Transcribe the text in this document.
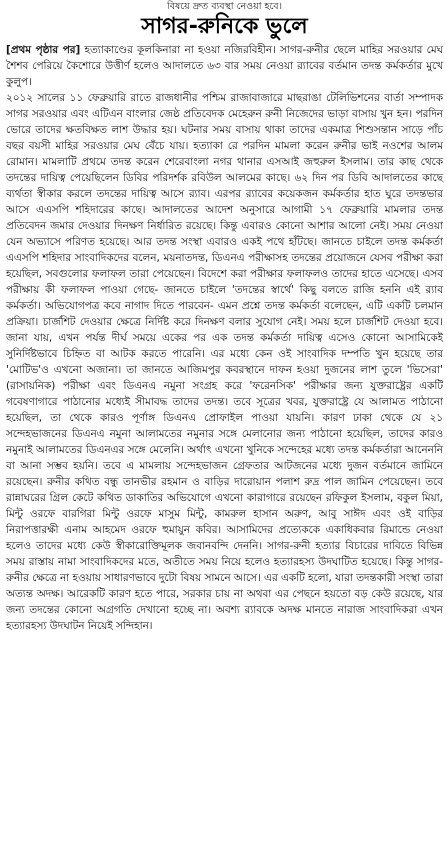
বিষয়ে দ্রুত ব্যবস্থা নেওয়া হবে।
সাগর-রুনিকে ভুলে

[প্রথম পৃষ্ঠার পর] হত্যাকাণ্ডের কূলকিনারা না হওয়া নজিরবিহীন। সাগর-রুনীর ছেলে মাহির সরওয়ার মেঘ শৈশব পেরিয়ে কৈশোরে উত্তীর্ণ হলেও আদালতে ৬৩ বার সময় নেওয়া র‍্যাবের বর্তমান তদন্ত কর্মকর্তার মুখে কুলুপ।

২০১২ সালের ১১ ফেব্রুয়ারি রাতে রাজধানীর পশ্চিম রাজাবাজারে মাছরাঙা টেলিভিশনের বার্তা সম্পাদক সাগর সরওয়ার এবং এটিএন বাংলার জেষ্ঠ প্রতিবেদক মেহেরুন রুনী নিজেদের ভাড়া বাসায় খুন হন। পরদিন ভোরে তাদের ক্ষতবিক্ষত লাশ উদ্ধার হয়। ঘটনার সময় বাসায় থাকা তাদের একমাত্র শিশুসন্তান সাড়ে পাঁচ বছর বয়সী মাহির সরওয়ার মেঘ বেঁচে যায়। হত্যাকা রে পরদিন মামলা করেন রুনীর ভাই নওশের আলম রোমান। মামলাটি প্রথমে তদন্ত করেন শেরেবাংলা নগর থানার এসআই জহুরুল ইসলাম। তার কাছ থেকে তদন্তের দায়িত্ব পেয়েছিলেন ডিবির পরিদর্শক রবিউল আলমের কাছে। ৬২ দিন পর ডিবি আদালতের কাছে ব্যর্থতা স্বীকার করলে তদন্তের দায়িত্ব আসে র‍্যাব। এরপর র‍্যাবের কয়েকজন কর্মকর্তার হাত ঘুরে তদন্তভার আসে এএসপি শহিদারের কাছে। আদালতের আদেশ অনুসারে আগামী ১৭ ফেব্রুয়ারি মামলার তদন্ত প্রতিবেদন জমার দেওয়ার দিনক্ষণ নির্ধারিত রয়েছে। কিন্তু এবারও কোনো আশার আলো নেই। সময় নেওয়া যেন অভ্যাসে পরিণত হয়েছে। আর তদন্ত সংস্থা এবারও একই পথে হাঁটছে। জানতে চাইলে তদন্ত কর্মকর্তা এএসপি শহিদার সাংবাদিকদের বলেন, ময়নাতদন্ত, ডিএনএ পরীক্ষাসহ তদন্তের প্রয়োজনে যেসব পরীক্ষা করা হয়েছিল, সবগুলোর ফলাফল তারা পেয়েছেন। বিদেশে করা পরীক্ষার ফলাফলও তাদের হাতে এসেছে। এসব পরীক্ষায় কী ফলাফল পাওয়া গেছে- জানতে চাইলে 'তদন্তের স্বার্থে' কিছু বলতে রাজি হননি এই র‍্যাব কর্মকর্তা। অভিযোগপত্র কবে নাগাদ দিতে পারবেন- এমন প্রশ্নে তদন্ত কর্মকর্তা বলেছেন, এটি একটি চলমান প্রক্রিয়া। চার্জশিট দেওয়ার ক্ষেত্রে নির্দিষ্ট করে দিনক্ষণ বলার সুযোগ নেই। সময় হলে চার্জশিট দেওয়া হবে। জানা যায়, এখন পর্যন্ত দীর্ঘ সময়ে একের পর এক তদন্ত কর্মকর্তা দায়িত্ব এসেও কোনো আসামিকেই সুনির্দিষ্টভাবে চিহ্নিত বা আটক করতে পারেনি। এর মধ্যে কেন ওই সাংবাদিক দম্পতি খুন হয়েছে তার 'মোটিভ'ও এখনো অজানা। তা জানতে আজিমপুর কবরস্থানে দাফন হওয়া দুজনের লাশ তুলে 'ভিসেরা' (রাসায়নিক) পরীক্ষা এবং ডিএনএ নমুনা সংগ্রহ করে 'ফরেনসিক' পরীক্ষার জন্য যুক্তরাষ্ট্রের একটি গবেষণাগারে পাঠানোর মধ্যেই সীমাবদ্ধ তাদের তদন্ত। তবে সূত্রের খবর, যুক্তরাষ্ট্রে যে আলামত পাঠানো হয়েছিল, তা থেকে কারও পূর্ণাঙ্গ ডিএনএ প্রোফাইল পাওয়া যায়নি। কারণ ঢাকা থেকে যে ২১ সন্দেহভাজনের ডিএনএ নমুনা আলামতের নমুনার সঙ্গে মেলানোর জন্য পাঠানো হয়েছিল, তাদের কারও নমুনাই আলামতের ডিএনএর সঙ্গে মেলেনি। অর্থাৎ এখনো খুনিকে সন্দেহের মধ্যে তদন্ত কর্মকর্তারা আনেননি বা আনা সম্ভব হয়নি। তবে এ মামলায় সন্দেহভাজন গ্রেফতার আটজনের মধ্যে দুজন বর্তমানে জামিনে রয়েছেন। রুনীর কথিত বন্ধু তানভীর রহমান ও বাড়ির দারোয়ান পলাশ রুদ্র পাল জামিন পেয়েছেন। তবে রান্নাঘরের গ্রিল কেটে কথিত ডাকাতির অভিযোগে এখনো কারাগারে রয়েছেন রফিকুল ইসলাম, বকুল মিয়া, মিন্টু ওরফে বারগিরা মিন্টু ওরফে মাসুম মিন্টু, কামরুল হাসান অরুণ, আবু সাঈদ এবং ওই বাড়ির নিরাপত্তারক্ষী এনাম আহমেদ ওরফে হুমায়ুন কবির। আসামিদের প্রত্যেককে একাধিকবার রিমান্ডে নেওয়া হলেও তাদের মধ্যে কেউ স্বীকারোক্তিমূলক জবানবন্দি দেননি। সাগর-রুনী হত্যার বিচারের দাবিতে বিভিন্ন সময় রাস্তায় নামা সাংবাদিকদের মতে, অতীতে সময় নিয়ে হলেও হত্যারহস্য উদঘাটিত হয়েছে। কিন্তু সাগর-রুনীর ক্ষেত্রে না হওয়ায় সাধারণভাবে দুটো বিষয় সামনে আসে। এর একটি হলো, যারা তদন্তকারী সংস্থা তারা অত্যন্ত অদক্ষ। আরেকটি কারণ হতে পারে, সরকার চায় না অথবা এর পেছনে হয়তো বড় কেউ রয়েছে, যার জন্য তদন্তের কোনো অগ্রগতি দেখানো হচ্ছে না। অবশ্য র‍্যাবকে অদক্ষ মানতে নারাজ সাংবাদিকরা এখন হত্যারহস্য উদঘাটন নিয়েই সন্দিহান।
